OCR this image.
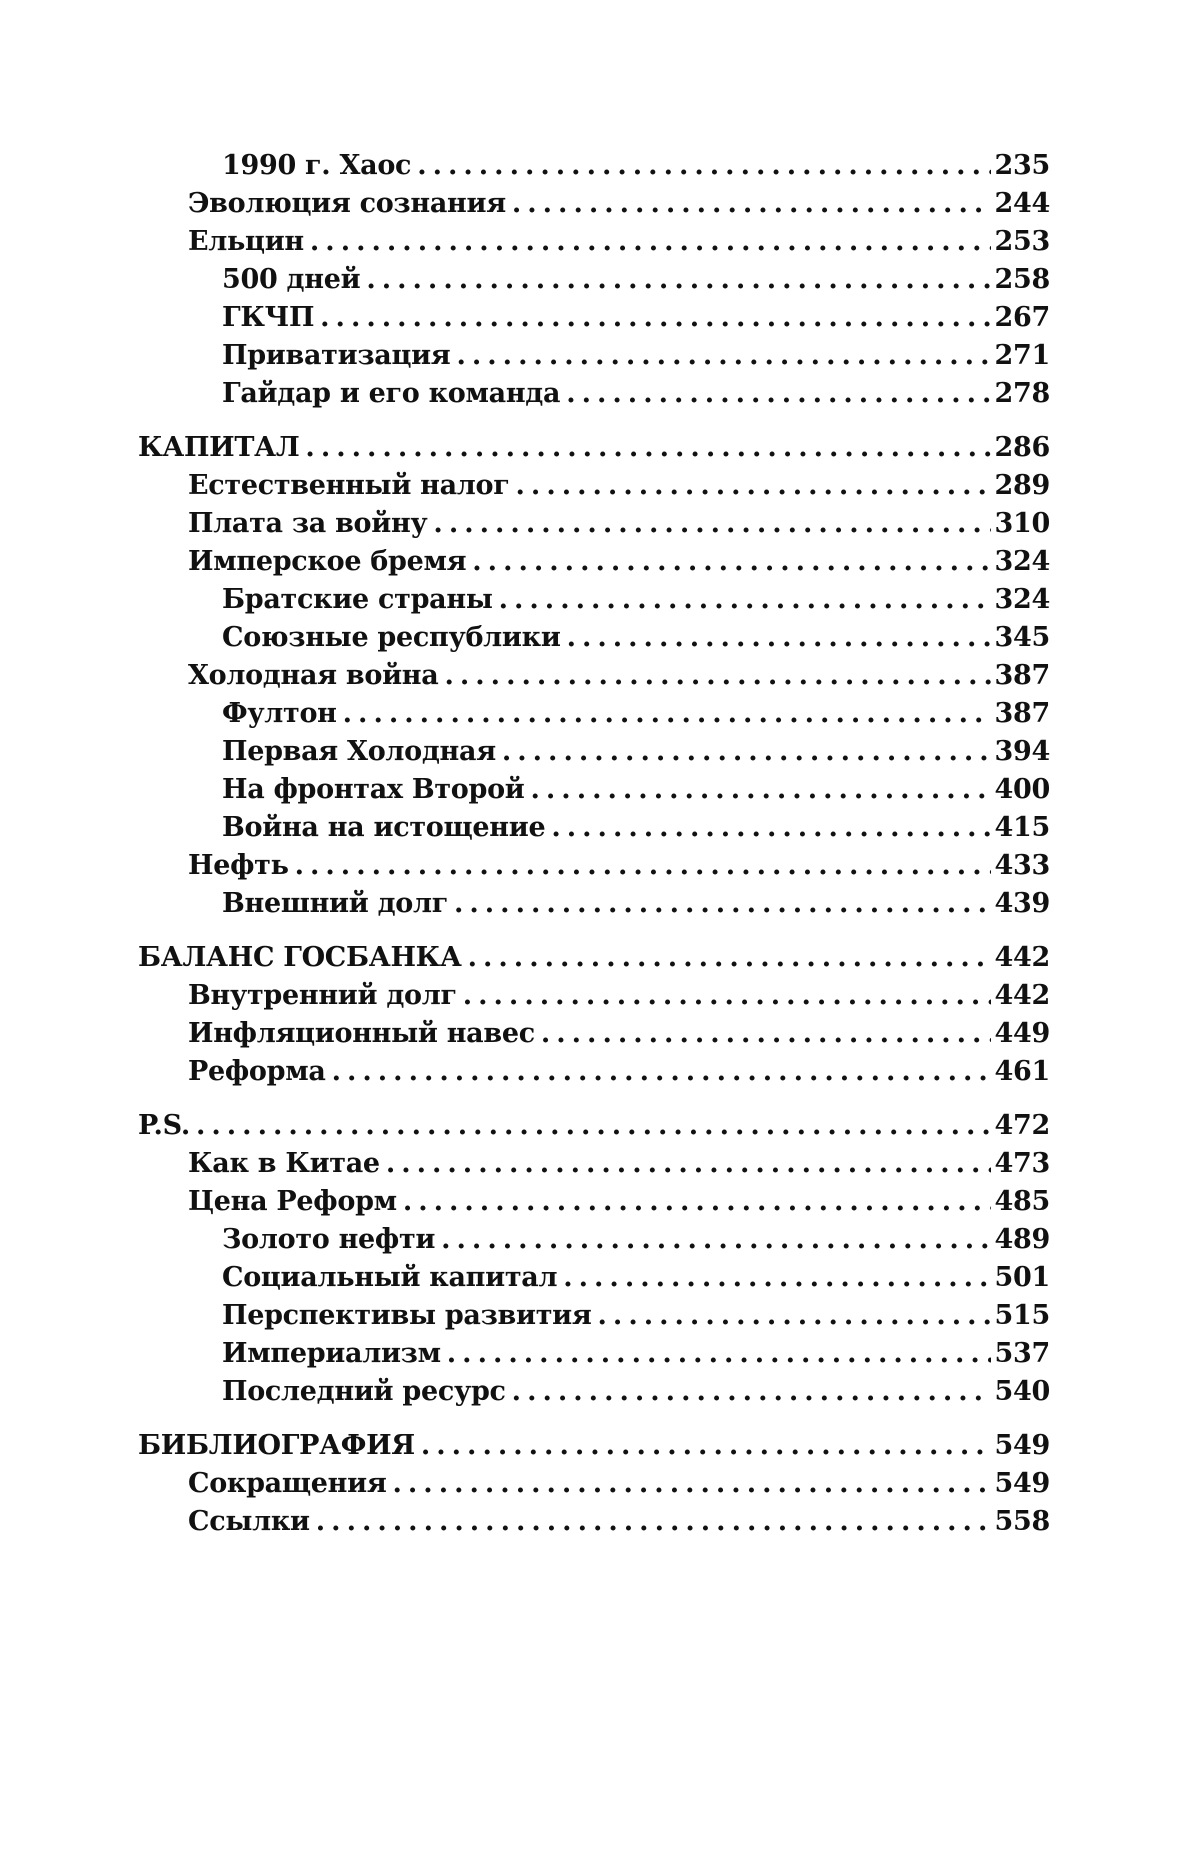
1990 г. Хаос .....	235
Эволюция сознания .....	244
Ельцин .....	253
500 дней .....	258
ГКЧП .....	267
Приватизация .....	271
Гайдар и его команда .....	278
КАПИТАЛ .....	286
Естественный налог .....	289
Плата за войну .....	310
Имперское бремя .....	324
Братские страны .....	324
Союзные республики .....	345
Холодная война .....	387
Фултон .....	387
Первая Холодная .....	394
На фронтах Второй .....	400
Война на истощение .....	415
Нефть .....	433
Внешний долг .....	439
БАЛАНС ГОСБАНКА .....	442
Внутренний долг .....	442
Инфляционный навес .....	449
Реформа .....	461
P.S. .....	472
Как в Китае .....	473
Цена Реформ .....	485
Золото нефти .....	489
Социальный капитал .....	501
Перспективы развития .....	515
Империализм .....	537
Последний ресурс .....	540
БИБЛИОГРАФИЯ .....	549
Сокращения .....	549
Ссылки .....	558
